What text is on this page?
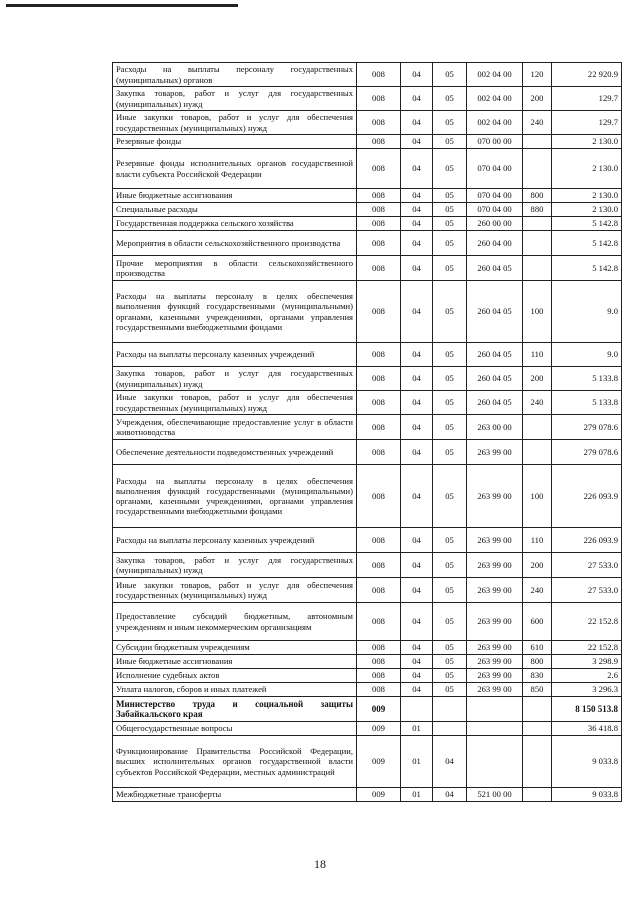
Расходы на выплаты персоналу государственных (муниципальных) органов	008	04	05	002 04 00	120	22 920.9
Закупка товаров, работ и услуг для государственных (муниципальных) нужд	008	04	05	002 04 00	200	129.7
Иные закупки товаров, работ и услуг для обеспечения государственных (муниципальных) нужд	008	04	05	002 04 00	240	129.7
Резервные фонды	008	04	05	070 00 00		2 130.0
Резервные фонды исполнительных органов государственной власти субъекта Российской Федерации	008	04	05	070 04 00		2 130.0
Иные бюджетные ассигнования	008	04	05	070 04 00	800	2 130.0
Специальные расходы	008	04	05	070 04 00	880	2 130.0
Государственная поддержка сельского хозяйства	008	04	05	260 00 00		5 142.8
Мероприятия в области сельскохозяйственного производства	008	04	05	260 04 00		5 142.8
Прочие мероприятия в области сельскохозяйственного производства	008	04	05	260 04 05		5 142.8
Расходы на выплаты персоналу в целях обеспечения выполнения функций государственными (муниципальными) органами, казенными учреждениями, органами управления государственными внебюджетными фондами	008	04	05	260 04 05	100	9.0
Расходы на выплаты персоналу казенных учреждений	008	04	05	260 04 05	110	9.0
Закупка товаров, работ и услуг для государственных (муниципальных) нужд	008	04	05	260 04 05	200	5 133.8
Иные закупки товаров, работ и услуг для обеспечения государственных (муниципальных) нужд	008	04	05	260 04 05	240	5 133.8
Учреждения, обеспечивающие предоставление услуг в области животноводства	008	04	05	263 00 00		279 078.6
Обеспечение деятельности подведомственных учреждений	008	04	05	263 99 00		279 078.6
Расходы на выплаты персоналу в целях обеспечения выполнения функций государственными (муниципальными) органами, казенными учреждениями, органами управления государственными внебюджетными фондами	008	04	05	263 99 00	100	226 093.9
Расходы на выплаты персоналу казенных учреждений	008	04	05	263 99 00	110	226 093.9
Закупка товаров, работ и услуг для государственных (муниципальных) нужд	008	04	05	263 99 00	200	27 533.0
Иные закупки товаров, работ и услуг для обеспечения государственных (муниципальных) нужд	008	04	05	263 99 00	240	27 533.0
Предоставление субсидий бюджетным, автономным учреждениям и иным некоммерческим организациям	008	04	05	263 99 00	600	22 152.8
Субсидии бюджетным учреждениям	008	04	05	263 99 00	610	22 152.8
Иные бюджетные ассигнования	008	04	05	263 99 00	800	3 298.9
Исполнение судебных актов	008	04	05	263 99 00	830	2.6
Уплата налогов, сборов и иных платежей	008	04	05	263 99 00	850	3 296.3
Министерство труда и социальной защиты Забайкальского края	009					8 150 513.8
Общегосударственные вопросы	009	01				36 418.8
Функционирование Правительства Российской Федерации, высших исполнительных органов государственной власти субъектов Российской Федерации, местных администраций	009	01	04			9 033.8
Межбюджетные трансферты	009	01	04	521 00 00		9 033.8
18
